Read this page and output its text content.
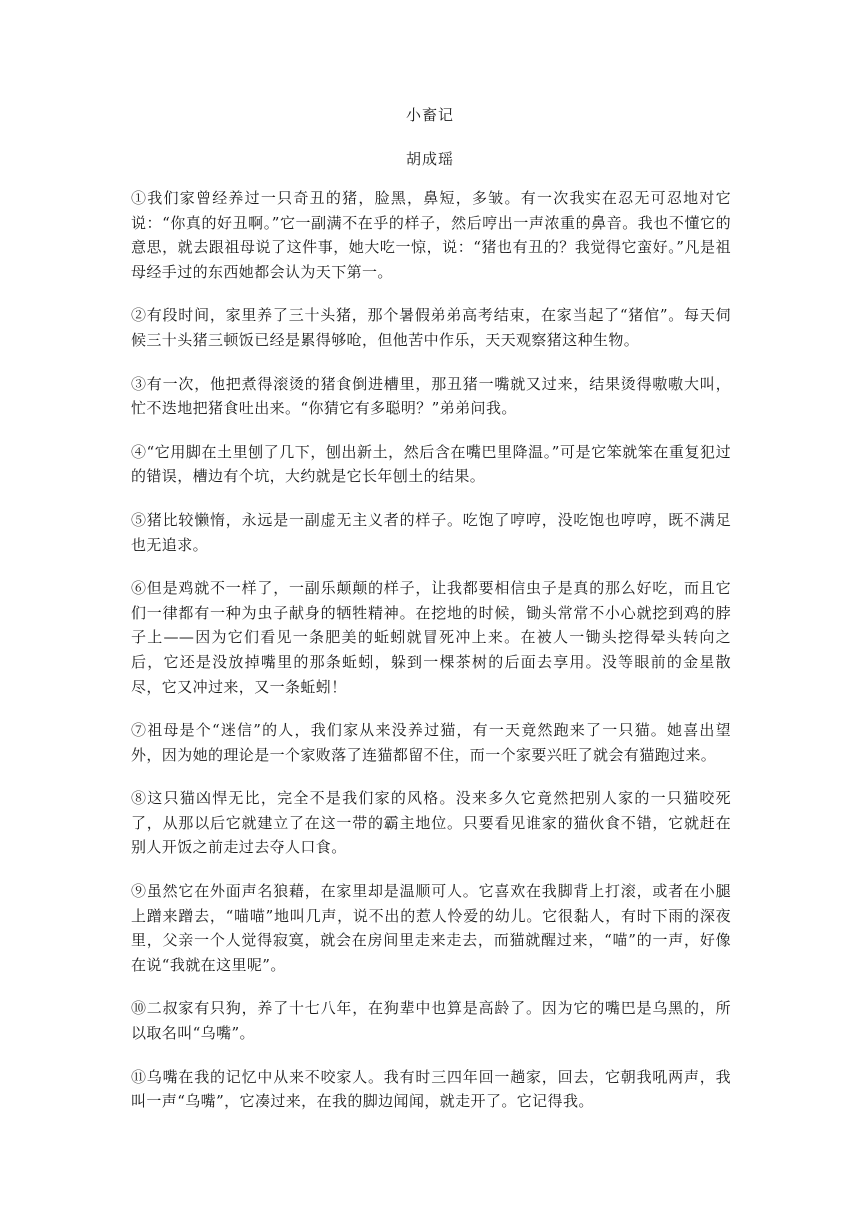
小畜记
胡成瑶

①我们家曾经养过一只奇丑的猪，脸黑，鼻短，多皱。有一次我实在忍无可忍地对它说：“你真的好丑啊。”它一副满不在乎的样子，然后哼出一声浓重的鼻音。我也不懂它的意思，就去跟祖母说了这件事，她大吃一惊，说：“猪也有丑的？我觉得它蛮好。”凡是祖母经手过的东西她都会认为天下第一。

②有段时间，家里养了三十头猪，那个暑假弟弟高考结束，在家当起了“猪倌”。每天伺候三十头猪三顿饭已经是累得够呛，但他苦中作乐，天天观察猪这种生物。

③有一次，他把煮得滚烫的猪食倒进槽里，那丑猪一嘴就又过来，结果烫得嗷嗷大叫，忙不迭地把猪食吐出来。“你猜它有多聪明？”弟弟问我。

④“它用脚在土里刨了几下，刨出新土，然后含在嘴巴里降温。”可是它笨就笨在重复犯过的错误，槽边有个坑，大约就是它长年刨土的结果。

⑤猪比较懒惰，永远是一副虚无主义者的样子。吃饱了哼哼，没吃饱也哼哼，既不满足也无追求。

⑥但是鸡就不一样了，一副乐颠颠的样子，让我都要相信虫子是真的那么好吃，而且它们一律都有一种为虫子献身的牺牲精神。在挖地的时候，锄头常常不小心就挖到鸡的脖子上——因为它们看见一条肥美的蚯蚓就冒死冲上来。在被人一锄头挖得晕头转向之后，它还是没放掉嘴里的那条蚯蚓，躲到一棵茶树的后面去享用。没等眼前的金星散尽，它又冲过来，又一条蚯蚓！

⑦祖母是个“迷信”的人，我们家从来没养过猫，有一天竟然跑来了一只猫。她喜出望外，因为她的理论是一个家败落了连猫都留不住，而一个家要兴旺了就会有猫跑过来。

⑧这只猫凶悍无比，完全不是我们家的风格。没来多久它竟然把别人家的一只猫咬死了，从那以后它就建立了在这一带的霸主地位。只要看见谁家的猫伙食不错，它就赶在别人开饭之前走过去夺人口食。

⑨虽然它在外面声名狼藉，在家里却是温顺可人。它喜欢在我脚背上打滚，或者在小腿上蹭来蹭去，“喵喵”地叫几声，说不出的惹人怜爱的幼儿。它很黏人，有时下雨的深夜里，父亲一个人觉得寂寞，就会在房间里走来走去，而猫就醒过来，“喵”的一声，好像在说“我就在这里呢”。

⑩二叔家有只狗，养了十七八年，在狗辈中也算是高龄了。因为它的嘴巴是乌黑的，所以取名叫“乌嘴”。

⑪乌嘴在我的记忆中从来不咬家人。我有时三四年回一趟家，回去，它朝我吼两声，我叫一声“乌嘴”，它凑过来，在我的脚边闻闻，就走开了。它记得我。
